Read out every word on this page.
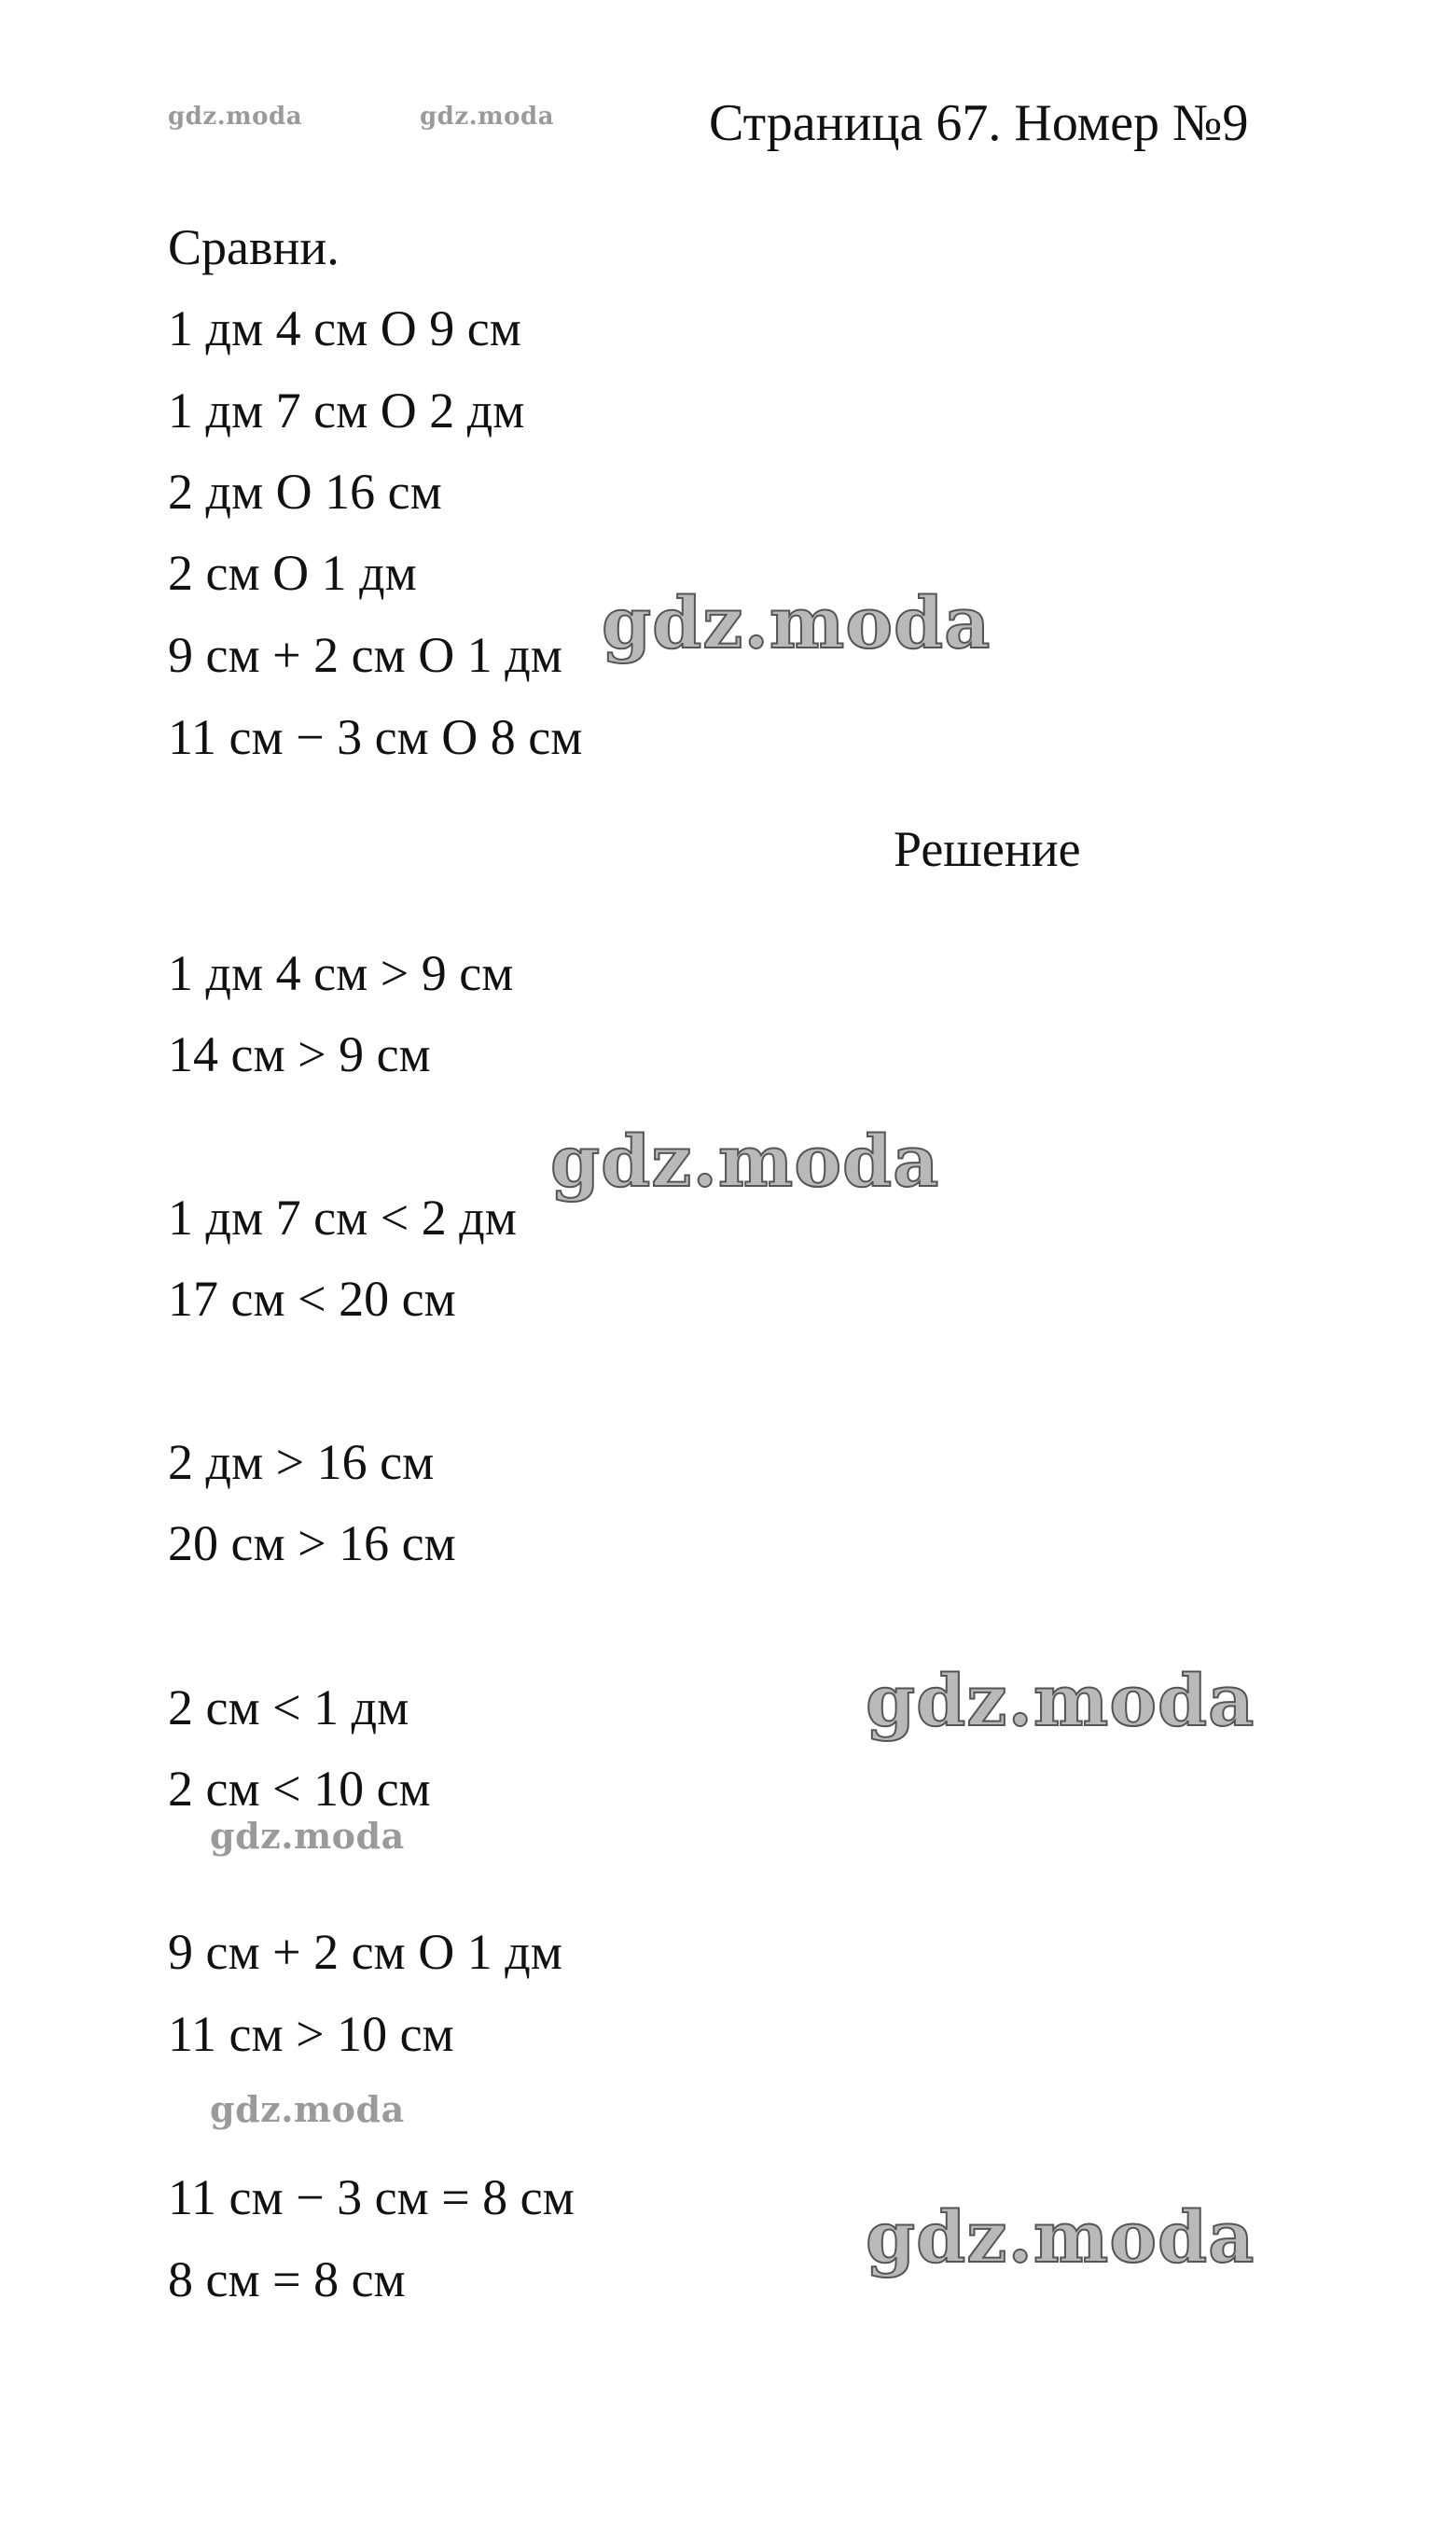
gdz.moda	gdz.moda	Страница 67. Номер №9
Сравни.
1 дм 4 см О 9 см
1 дм 7 см О 2 дм
2 дм О 16 см
2 см О 1 дм
9 см + 2 см О 1 дм
11 см − 3 см О 8 см
Решение
1 дм 4 см > 9 см
14 см > 9 см
1 дм 7 см < 2 дм
17 см < 20 см
2 дм > 16 см
20 см > 16 см
2 см < 1 дм
2 см < 10 см
9 см + 2 см О 1 дм
11 см > 10 см
11 см − 3 см = 8 см
8 см = 8 см
gdz.moda
gdz.moda
gdz.moda
gdz.moda
gdz.moda
gdz.moda
